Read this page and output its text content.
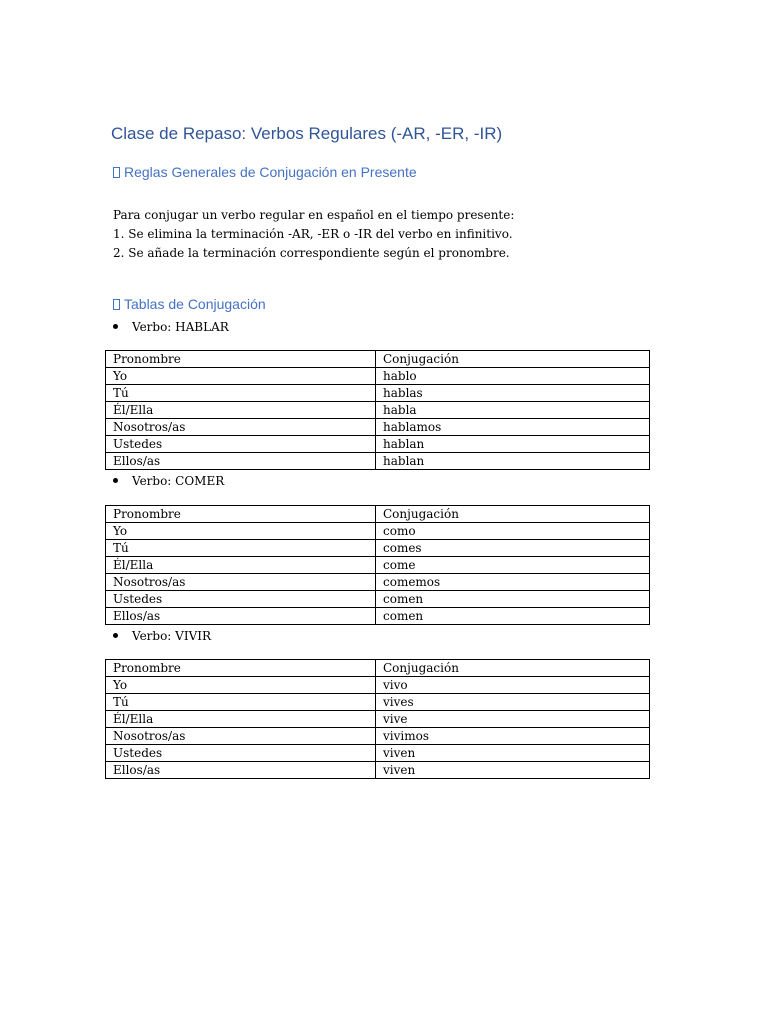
Clase de Repaso: Verbos Regulares (-AR, -ER, -IR)
Reglas Generales de Conjugación en Presente
Para conjugar un verbo regular en español en el tiempo presente:
1. Se elimina la terminación -AR, -ER o -IR del verbo en infinitivo.
2. Se añade la terminación correspondiente según el pronombre.
Tablas de Conjugación
Verbo: HABLAR
Pronombre	Conjugación
Yo	hablo
Tú	hablas
Él/Ella	habla
Nosotros/as	hablamos
Ustedes	hablan
Ellos/as	hablan
Verbo: COMER
Pronombre	Conjugación
Yo	como
Tú	comes
Él/Ella	come
Nosotros/as	comemos
Ustedes	comen
Ellos/as	comen
Verbo: VIVIR
Pronombre	Conjugación
Yo	vivo
Tú	vives
Él/Ella	vive
Nosotros/as	vivimos
Ustedes	viven
Ellos/as	viven
